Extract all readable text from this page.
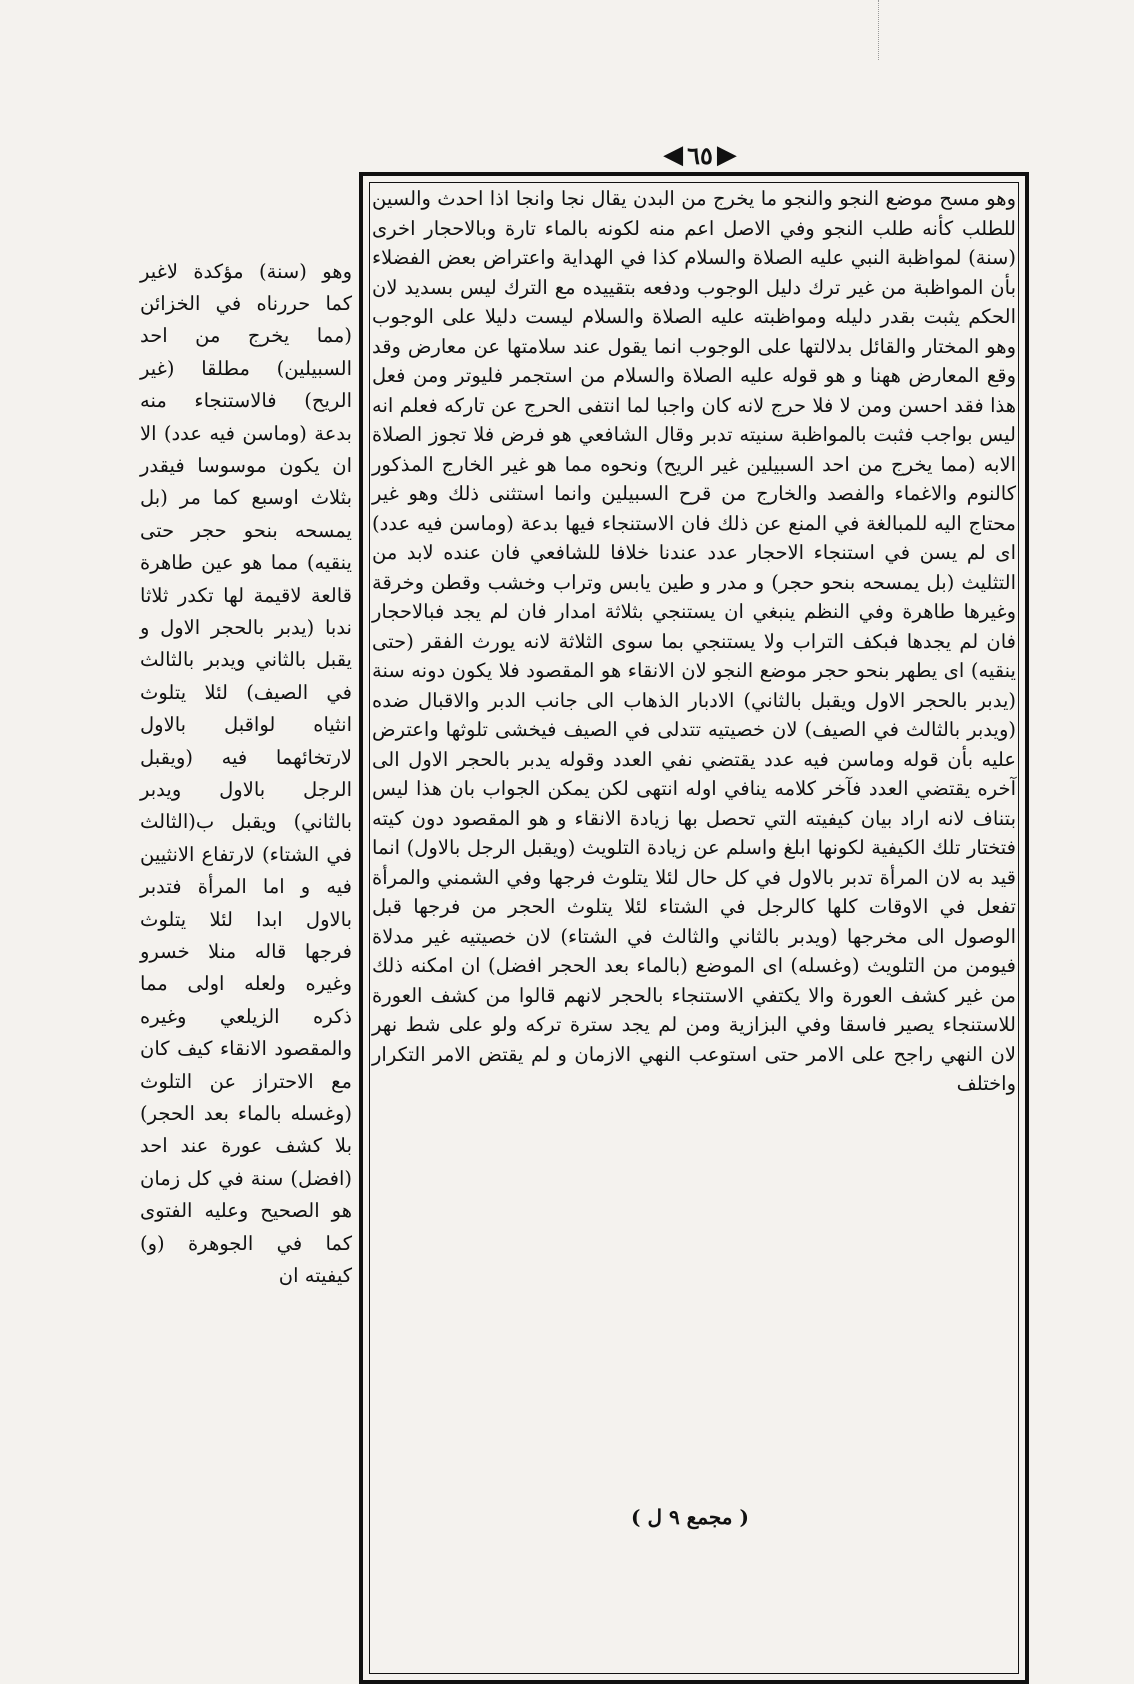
◀ ٦٥ ▶

وهو مسح موضع النجو والنجو ما يخرج من البدن يقال نجا وانجا اذا احدث والسين للطلب كأنه طلب النجو وفي الاصل اعم منه لكونه بالماء تارة وبالاحجار اخرى (سنة) لمواظبة النبي عليه الصلاة والسلام كذا في الهداية واعتراض بعض الفضلاء بأن المواظبة من غير ترك دليل الوجوب ودفعه بتقييده مع الترك ليس بسديد لان الحكم يثبت بقدر دليله ومواظبته عليه الصلاة والسلام ليست دليلا على الوجوب وهو المختار والقائل بدلالتها على الوجوب انما يقول عند سلامتها عن معارض وقد وقع المعارض ههنا و هو قوله عليه الصلاة والسلام من استجمر فليوتر ومن فعل هذا فقد احسن ومن لا فلا حرج لانه كان واجبا لما انتفى الحرج عن تاركه فعلم انه ليس بواجب فثبت بالمواظبة سنيته تدبر وقال الشافعي هو فرض فلا تجوز الصلاة الابه (مما يخرج من احد السبيلين غير الريح) ونحوه مما هو غير الخارج المذكور كالنوم والاغماء والفصد والخارج من قرح السبيلين وانما استثنى ذلك وهو غير محتاج اليه للمبالغة في المنع عن ذلك فان الاستنجاء فيها بدعة (وماسن فيه عدد) اى لم يسن في استنجاء الاحجار عدد عندنا خلافا للشافعي فان عنده لابد من التثليث (بل يمسحه بنحو حجر) و مدر و طين يابس وتراب وخشب وقطن وخرقة وغيرها طاهرة وفي النظم ينبغي ان يستنجي بثلاثة امدار فان لم يجد فبالاحجار فان لم يجدها فبكف التراب ولا يستنجي بما سوى الثلاثة لانه يورث الفقر (حتى ينقيه) اى يطهر بنحو حجر موضع النجو لان الانقاء هو المقصود فلا يكون دونه سنة (يدبر بالحجر الاول ويقبل بالثاني) الادبار الذهاب الى جانب الدبر والاقبال ضده (ويدبر بالثالث في الصيف) لان خصيتيه تتدلى في الصيف فيخشى تلوثها واعترض عليه بأن قوله وماسن فيه عدد يقتضي نفي العدد وقوله يدبر بالحجر الاول الى آخره يقتضي العدد فآخر كلامه ينافي اوله انتهى لكن يمكن الجواب بان هذا ليس بتناف لانه اراد بيان كيفيته التي تحصل بها زيادة الانقاء و هو المقصود دون كيته فتختار تلك الكيفية لكونها ابلغ واسلم عن زيادة التلويث (ويقبل الرجل بالاول) انما قيد به لان المرأة تدبر بالاول في كل حال لئلا يتلوث فرجها وفي الشمني والمرأة تفعل في الاوقات كلها كالرجل في الشتاء لئلا يتلوث الحجر من فرجها قبل الوصول الى مخرجها (ويدبر بالثاني والثالث في الشتاء) لان خصيتيه غير مدلاة فيومن من التلويث (وغسله) اى الموضع (بالماء بعد الحجر افضل) ان امكنه ذلك من غير كشف العورة والا يكتفي الاستنجاء بالحجر لانهم قالوا من كشف العورة للاستنجاء يصير فاسقا وفي البزازية ومن لم يجد سترة تركه ولو على شط نهر لان النهي راجح على الامر حتى استوعب النهي الازمان و لم يقتض الامر التكرار واختلف

وهو (سنة) مؤكدة لاغير كما حررناه في الخزائن (مما يخرج من احد السبيلين) مطلقا (غير الريح) فالاستنجاء منه بدعة (وماسن فيه عدد) الا ان يكون موسوسا فيقدر بثلاث اوسبع كما مر (بل يمسحه بنحو حجر حتى ينقيه) مما هو عين طاهرة قالعة لاقيمة لها تكدر ثلاثا ندبا (يدبر بالحجر الاول و يقبل بالثاني ويدبر بالثالث في الصيف) لئلا يتلوث انثياه لواقبل بالاول لارتخائهما فيه (ويقبل الرجل بالاول ويدبر بالثاني) ويقبل ب(الثالث في الشتاء) لارتفاع الانثيين فيه و اما المرأة فتدبر بالاول ابدا لئلا يتلوث فرجها قاله منلا خسرو وغيره ولعله اولى مما ذكره الزيلعي وغيره والمقصود الانقاء كيف كان مع الاحتراز عن التلوث (وغسله بالماء بعد الحجر) بلا كشف عورة عند احد (افضل) سنة في كل زمان هو الصحيح وعليه الفتوى كما في الجوهرة (و) كيفيته ان

( مجمع ٩ ل )
